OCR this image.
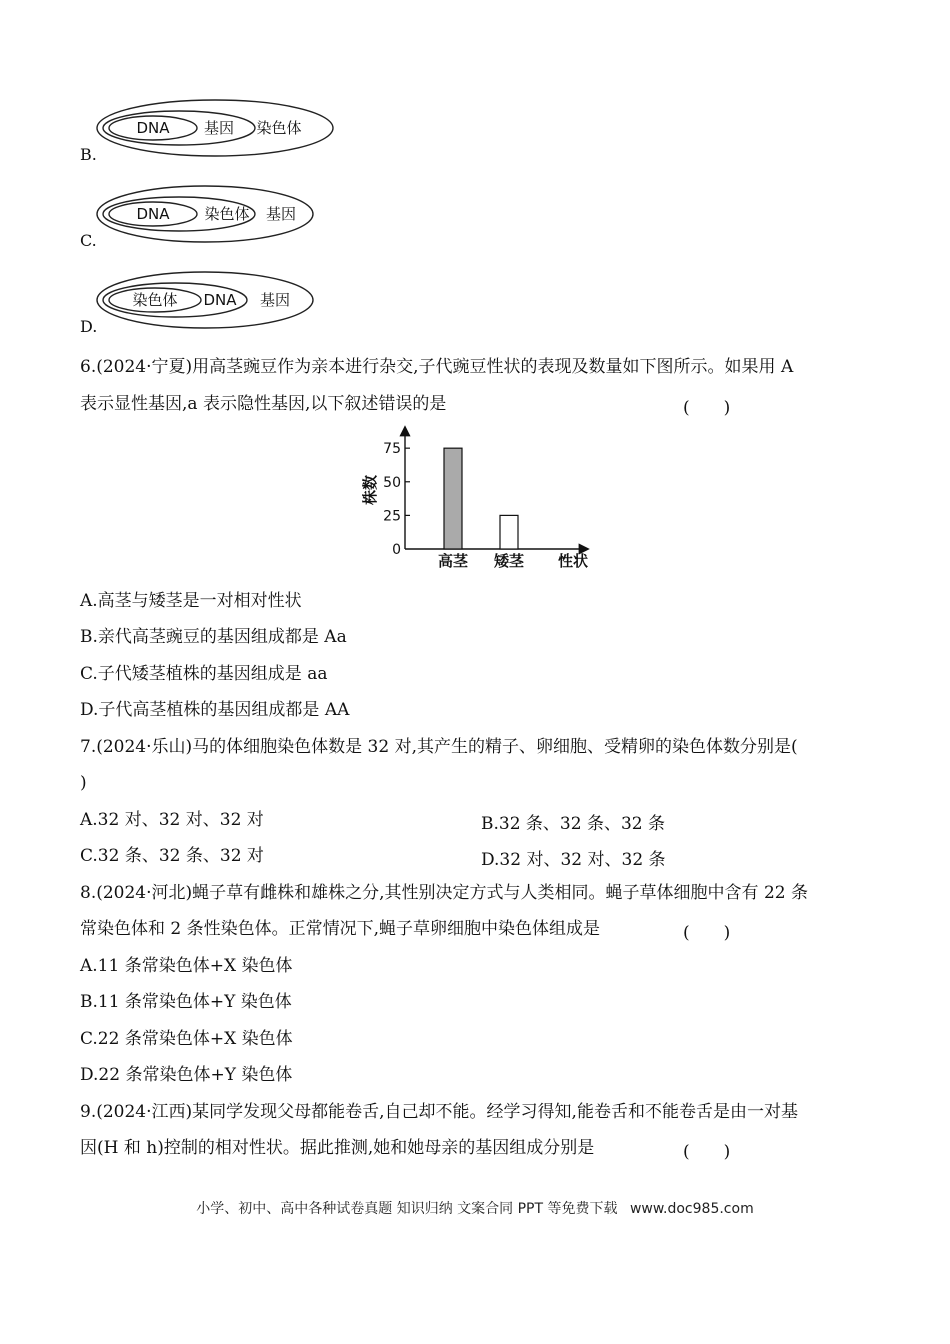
DNA 基因 染色体
B.
DNA 染色体 基因
C.
染色体 DNA 基因
D.
6.(2024·宁夏)用高茎豌豆作为亲本进行杂交,子代豌豆性状的表现及数量如下图所示。如果用 A
表示显性基因,a 表示隐性基因,以下叙述错误的是	(　　)
0
25
50
75
高茎 矮茎
株数
性状
A.高茎与矮茎是一对相对性状
B.亲代高茎豌豆的基因组成都是 Aa
C.子代矮茎植株的基因组成是 aa
D.子代高茎植株的基因组成都是 AA
7.(2024·乐山)马的体细胞染色体数是 32 对,其产生的精子、卵细胞、受精卵的染色体数分别是(
)
A.32 对、32 对、32 对	B.32 条、32 条、32 条
C.32 条、32 条、32 对	D.32 对、32 对、32 条
8.(2024·河北)蝇子草有雌株和雄株之分,其性别决定方式与人类相同。蝇子草体细胞中含有 22 条
常染色体和 2 条性染色体。正常情况下,蝇子草卵细胞中染色体组成是	(　　)
A.11 条常染色体+X 染色体
B.11 条常染色体+Y 染色体
C.22 条常染色体+X 染色体
D.22 条常染色体+Y 染色体
9.(2024·江西)某同学发现父母都能卷舌,自己却不能。经学习得知,能卷舌和不能卷舌是由一对基
因(H 和 h)控制的相对性状。据此推测,她和她母亲的基因组成分别是	(　　)
小学、初中、高中各种试卷真题 知识归纳 文案合同 PPT 等免费下载 www.doc985.com
